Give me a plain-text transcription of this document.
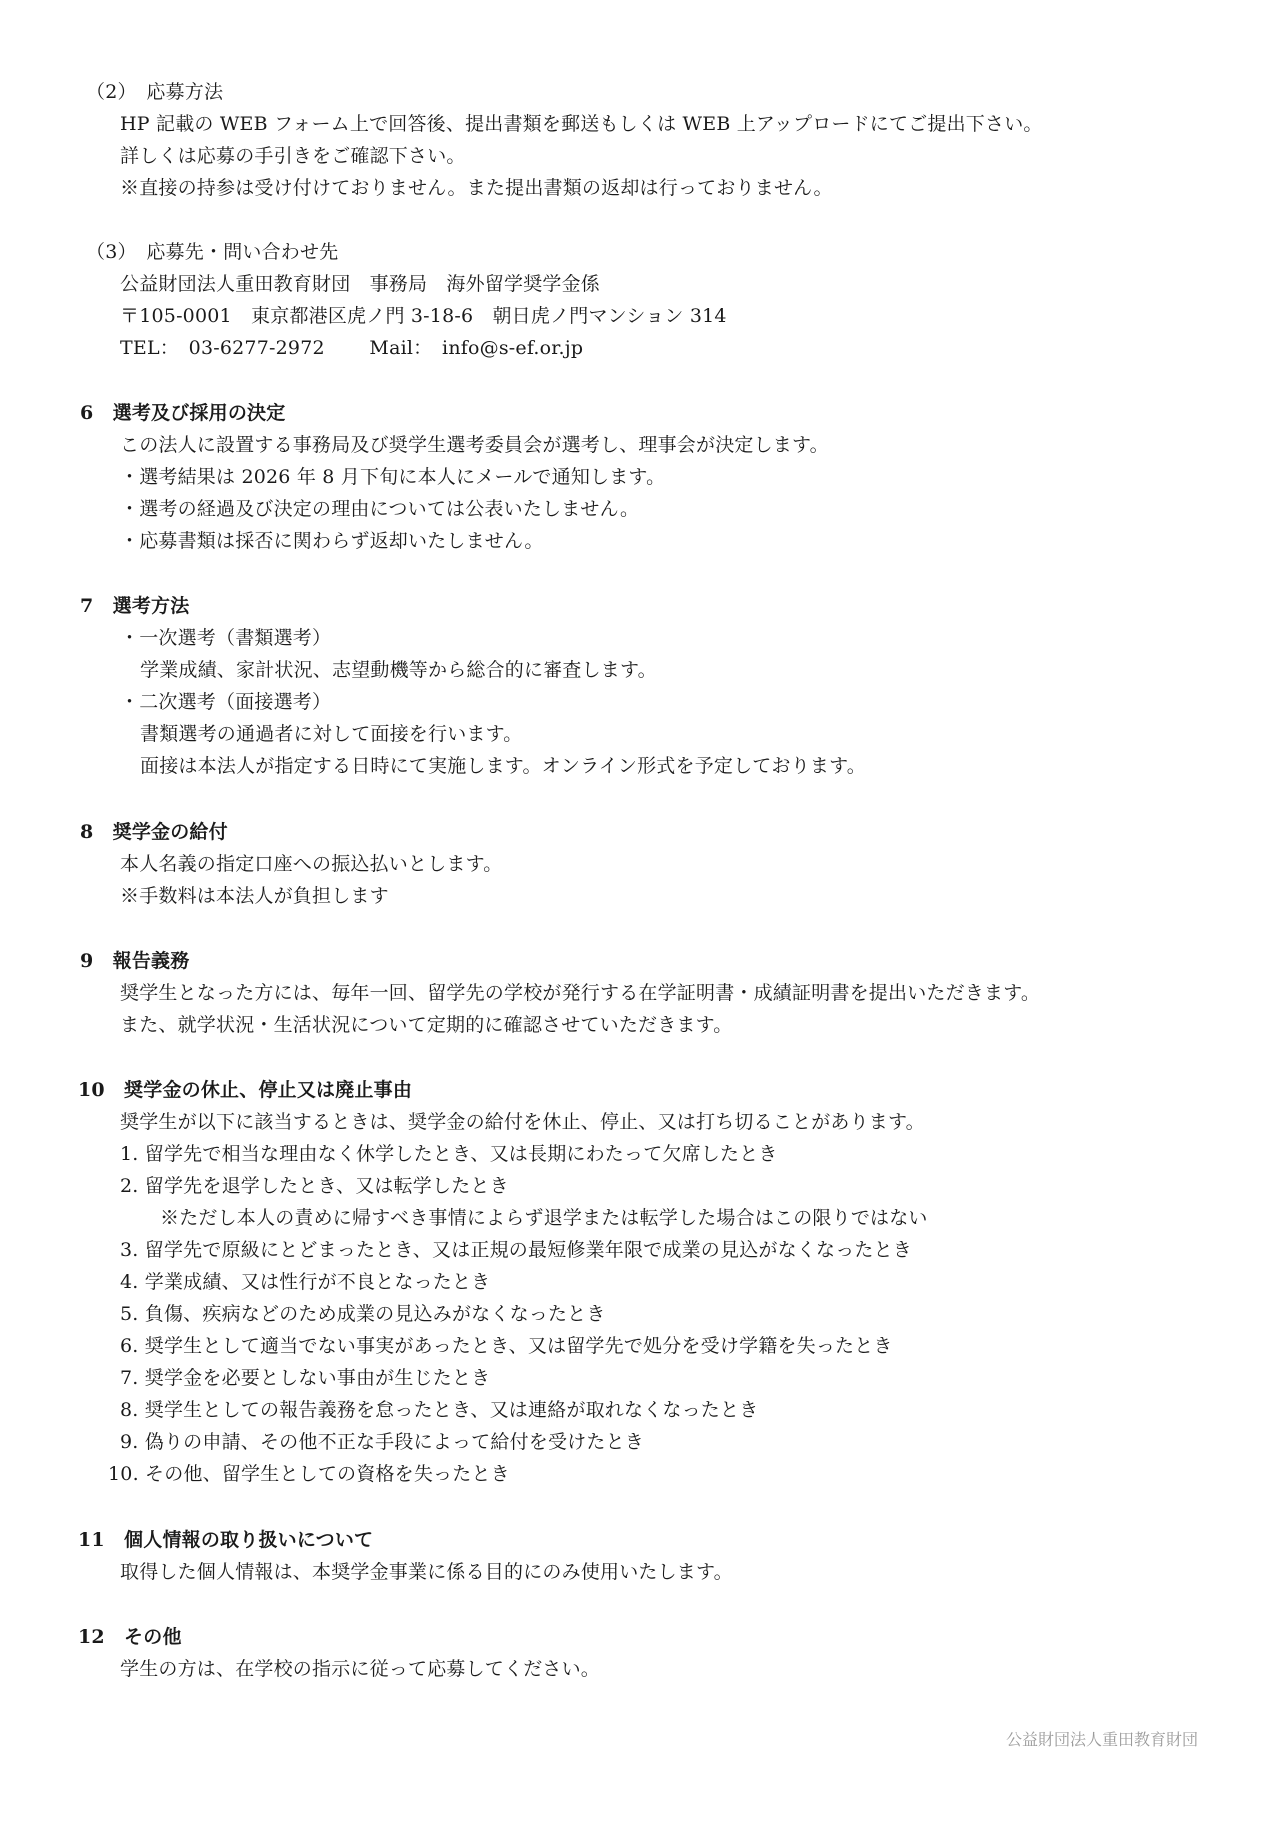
（2）　応募方法
HP 記載の WEB フォーム上で回答後、提出書類を郵送もしくは WEB 上アップロードにてご提出下さい。
詳しくは応募の手引きをご確認下さい。
※直接の持参は受け付けておりません。また提出書類の返却は行っておりません。
（3）　応募先・問い合わせ先
公益財団法人重田教育財団　事務局　海外留学奨学金係
〒105-0001　東京都港区虎ノ門 3-18-6　朝日虎ノ門マンション 314
TEL：　03-6277-2972　　 Mail：　info@s-ef.or.jp
6　選考及び採用の決定
この法人に設置する事務局及び奨学生選考委員会が選考し、理事会が決定します。
・選考結果は 2026 年 8 月下旬に本人にメールで通知します。
・選考の経過及び決定の理由については公表いたしません。
・応募書類は採否に関わらず返却いたしません。
7　選考方法
・一次選考（書類選考）
学業成績、家計状況、志望動機等から総合的に審査します。
・二次選考（面接選考）
書類選考の通過者に対して面接を行います。
面接は本法人が指定する日時にて実施します。オンライン形式を予定しております。
8　奨学金の給付
本人名義の指定口座への振込払いとします。
※手数料は本法人が負担します
9　報告義務
奨学生となった方には、毎年一回、留学先の学校が発行する在学証明書・成績証明書を提出いただきます。
また、就学状況・生活状況について定期的に確認させていただきます。
10　奨学金の休止、停止又は廃止事由
奨学生が以下に該当するときは、奨学金の給付を休止、停止、又は打ち切ることがあります。
1. 留学先で相当な理由なく休学したとき、又は長期にわたって欠席したとき
2. 留学先を退学したとき、又は転学したとき
※ただし本人の責めに帰すべき事情によらず退学または転学した場合はこの限りではない
3. 留学先で原級にとどまったとき、又は正規の最短修業年限で成業の見込がなくなったとき
4. 学業成績、又は性行が不良となったとき
5. 負傷、疾病などのため成業の見込みがなくなったとき
6. 奨学生として適当でない事実があったとき、又は留学先で処分を受け学籍を失ったとき
7. 奨学金を必要としない事由が生じたとき
8. 奨学生としての報告義務を怠ったとき、又は連絡が取れなくなったとき
9. 偽りの申請、その他不正な手段によって給付を受けたとき
10. その他、留学生としての資格を失ったとき
11　個人情報の取り扱いについて
取得した個人情報は、本奨学金事業に係る目的にのみ使用いたします。
12　その他
学生の方は、在学校の指示に従って応募してください。
公益財団法人重田教育財団
